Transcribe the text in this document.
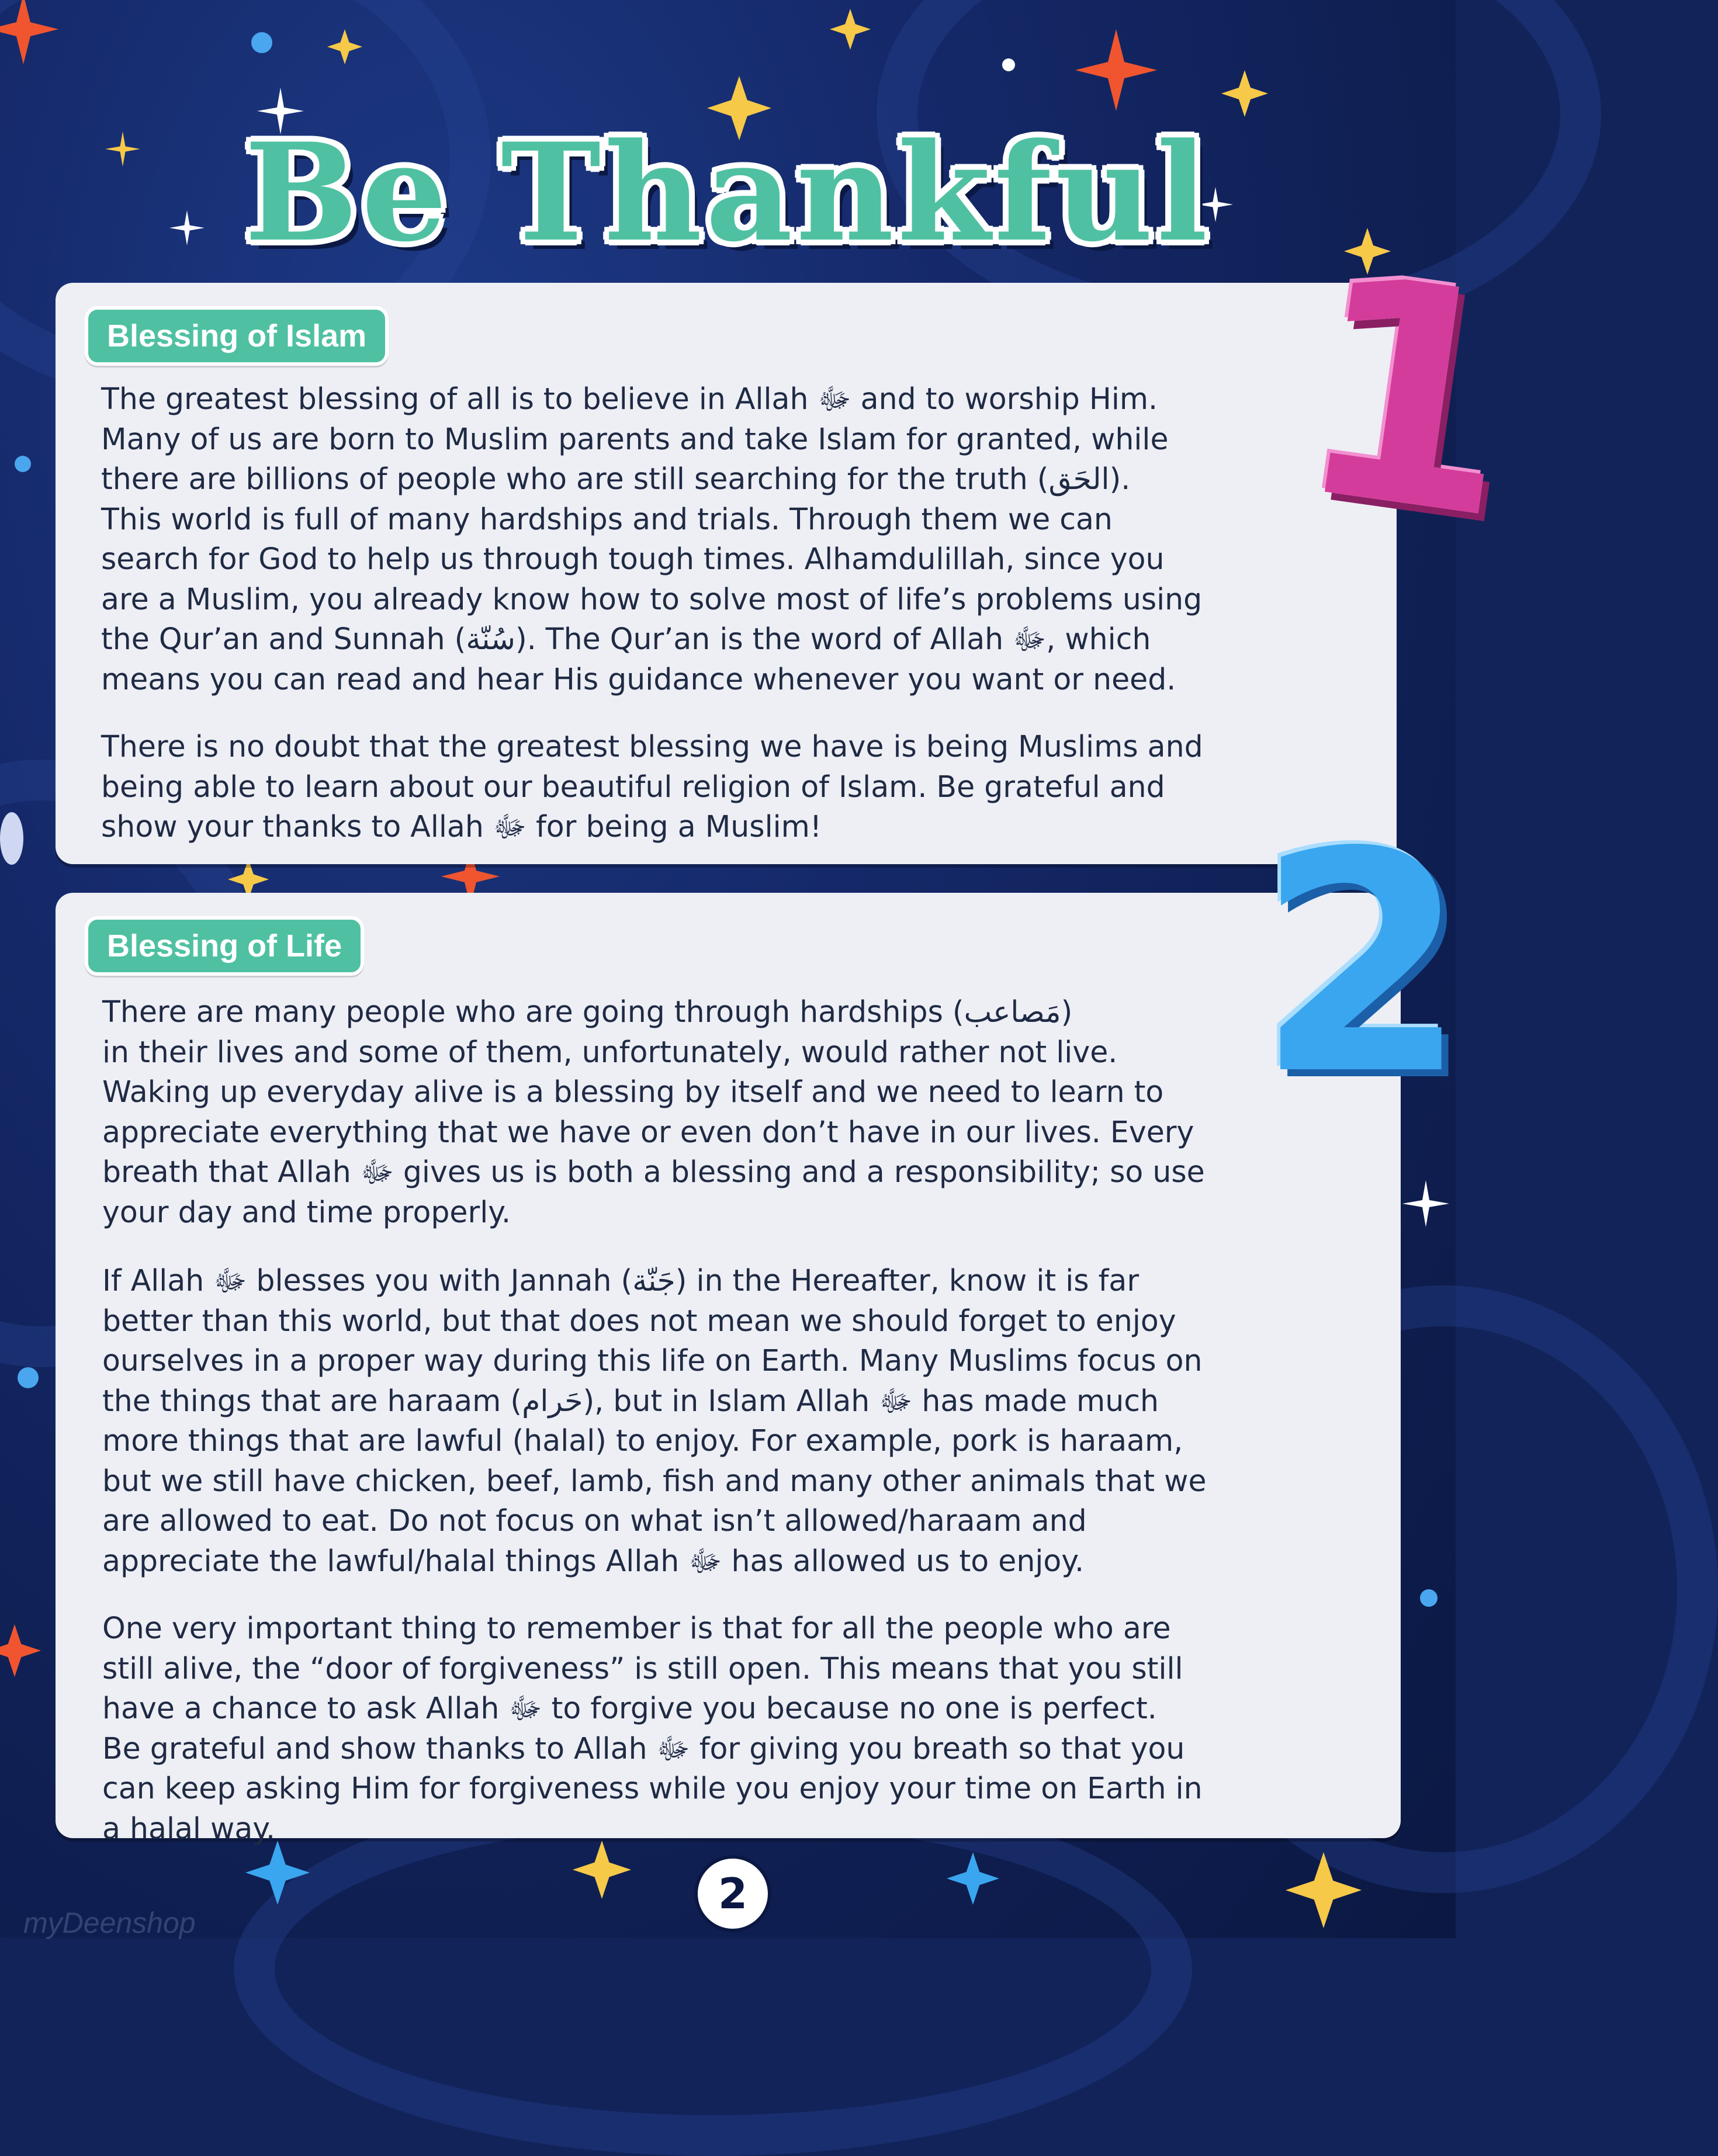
Be Thankful
Blessing of Islam
The greatest blessing of all is to believe in Allah ﷻ and to worship Him.
Many of us are born to Muslim parents and take Islam for granted, while
there are billions of people who are still searching for the truth (الحَق).
This world is full of many hardships and trials. Through them we can
search for God to help us through tough times. Alhamdulillah, since you
are a Muslim, you already know how to solve most of life’s problems using
the Qur’an and Sunnah (سُنّة). The Qur’an is the word of Allah ﷻ, which
means you can read and hear His guidance whenever you want or need.
There is no doubt that the greatest blessing we have is being Muslims and
being able to learn about our beautiful religion of Islam. Be grateful and
show your thanks to Allah ﷻ for being a Muslim!
1
Blessing of Life
There are many people who are going through hardships (مَصاعب)
in their lives and some of them, unfortunately, would rather not live.
Waking up everyday alive is a blessing by itself and we need to learn to
appreciate everything that we have or even don’t have in our lives. Every
breath that Allah ﷻ gives us is both a blessing and a responsibility; so use
your day and time properly.
If Allah ﷻ blesses you with Jannah (جَنّة) in the Hereafter, know it is far
better than this world, but that does not mean we should forget to enjoy
ourselves in a proper way during this life on Earth. Many Muslims focus on
the things that are haraam (حَرام), but in Islam Allah ﷻ has made much
more things that are lawful (halal) to enjoy. For example, pork is haraam,
but we still have chicken, beef, lamb, fish and many other animals that we
are allowed to eat. Do not focus on what isn’t allowed/haraam and
appreciate the lawful/halal things Allah ﷻ has allowed us to enjoy.
One very important thing to remember is that for all the people who are
still alive, the “door of forgiveness” is still open. This means that you still
have a chance to ask Allah ﷻ to forgive you because no one is perfect.
Be grateful and show thanks to Allah ﷻ for giving you breath so that you
can keep asking Him for forgiveness while you enjoy your time on Earth in
a halal way.
2
2
myDeenshop
